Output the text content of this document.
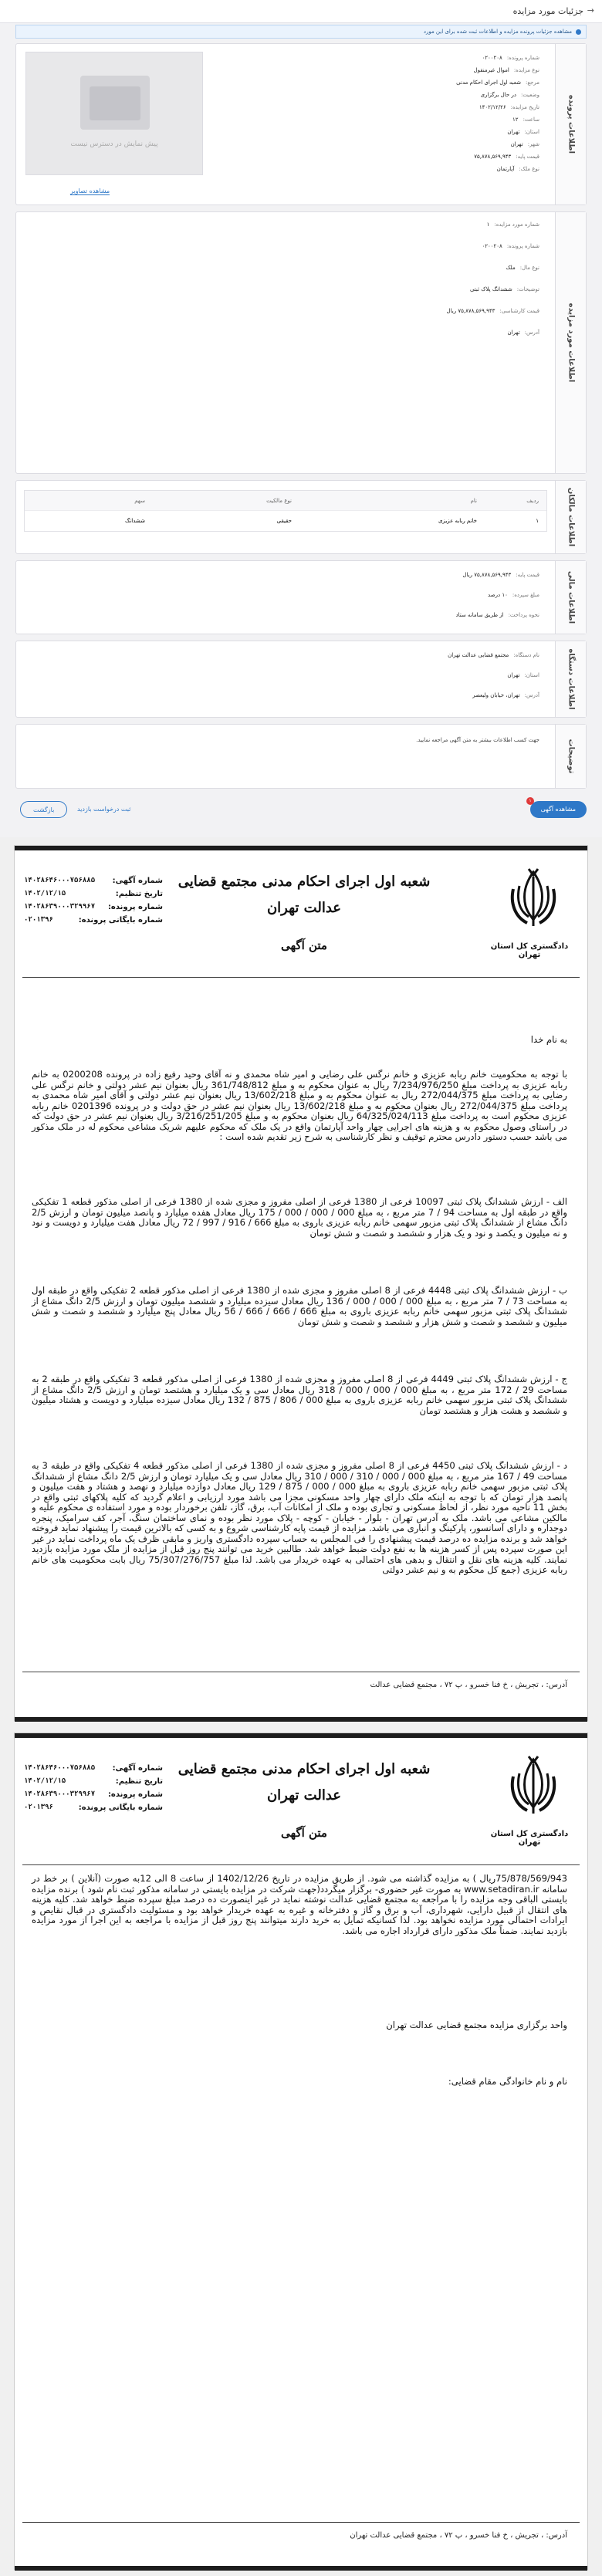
→
جزئیات مورد مزایده
مشاهده جزئیات پرونده مزایده و اطلاعات ثبت شده برای این مورد
اطلاعات پرونده
پیش نمایش در دسترس نیست
مشاهده تصاویر
شماره پرونده:۰۲۰۰۲۰۸
نوع مزایده:اموال غیرمنقول
مرجع:شعبه اول اجرای احکام مدنی
وضعیت:در حال برگزاری
تاریخ مزایده:۱۴۰۲/۱۲/۲۶
ساعت:۱۲
استان:تهران
شهر:تهران
قیمت پایه:۷۵,۸۷۸,۵۶۹,۹۴۳
نوع ملک:آپارتمان
اطلاعات مورد مزایده
شماره مورد مزایده:۱
شماره پرونده:۰۲۰۰۲۰۸
نوع مال:ملک
توضیحات:ششدانگ پلاک ثبتی
قیمت کارشناسی:۷۵,۸۷۸,۵۶۹,۹۴۳ ریال
آدرس:تهران
اطلاعات مالکان
ردیف
نام
نوع مالکیت
سهم
۱
خانم ربابه عزیزی
حقیقی
ششدانگ
اطلاعات مالی
قیمت پایه:۷۵,۸۷۸,۵۶۹,۹۴۳ ریال
مبلغ سپرده:۱۰ درصد
نحوه پرداخت:از طریق سامانه ستاد
اطلاعات دستگاه
نام دستگاه:مجتمع قضایی عدالت تهران
استان:تهران
آدرس:تهران، خیابان ولیعصر
توضیحات
جهت کسب اطلاعات بیشتر به متن آگهی مراجعه نمایید.
مشاهده آگهی
۱
ثبت درخواست بازدید
بازگشت
دادگستری کل استان تهران
شعبه اول اجرای احکام مدنی مجتمع قضایی
عدالت تهران
متن آگهی
شماره آگهی:
۱۴۰۲۸۶۴۶۰۰۰۷۵۶۸۸۵
تاریخ تنظیم:
۱۴۰۲/۱۲/۱۵
شماره پرونده:
۱۴۰۲۸۶۳۹۰۰۰۳۲۹۹۶۷
شماره بایگانی پرونده:
۰۲۰۱۳۹۶
به نام خدا
با توجه به محکومیت خانم ربابه عزیزی و خانم نرگس علی رضایی و امیر شاه محمدی و نه آقای وحید رفیع زاده در پرونده 0200208 به خانم ربابه عزیزی به پرداخت مبلغ 7/234/976/250 ریال به عنوان محکوم به و مبلغ 361/748/812 ریال بعنوان نیم عشر دولتی و خانم نرگس علی رضایی به پرداخت مبلغ 272/044/375 ریال به عنوان محکوم به و مبلغ 13/602/218 ریال بعنوان نیم عشر دولتی و آقای امیر شاه محمدی به پرداخت مبلغ 272/044/375 ریال بعنوان محکوم به و مبلغ 13/602/218 ریال بعنوان نیم عشر در حق دولت و در پرونده 0201396 خانم ربابه عزیزی محکوم است به پرداخت مبلغ 64/325/024/113 ریال بعنوان محکوم به و مبلغ 3/216/251/205 ریال بعنوان نیم عشر در حق دولت که در راستای وصول محکوم به و هزینه های اجرایی چهار واحد آپارتمان واقع در یک ملک که محکوم علیهم شریک مشاعی محکوم له در ملک مذکور می باشد حسب دستور دادرس محترم توقیف و نظر کارشناسی به شرح زیر تقدیم شده است :
الف - ارزش ششدانگ پلاک ثبتی 10097 فرعی از 1380 فرعی از اصلی مفروز و مجزی شده از 1380 فرعی از اصلی مذکور قطعه 1 تفکیکی واقع در طبقه اول به مساحت 94 / 7 متر مربع ، به مبلغ 000 / 000 / 000 / 175 ریال معادل هفده میلیارد و پانصد میلیون تومان و ارزش 2/5 دانگ مشاع از ششدانگ پلاک ثبتی مزبور سهمی خانم ربابه عزیزی باروی به مبلغ 666 / 916 / 997 / 72 ریال معادل هفت میلیارد و دویست و نود و نه میلیون و یکصد و نود و یک هزار و ششصد و شصت و شش تومان
ب - ارزش ششدانگ پلاک ثبتی 4448 فرعی از 8 اصلی مفروز و مجزی شده از 1380 فرعی از اصلی مذکور قطعه 2 تفکیکی واقع در طبقه اول به مساحت 73 / 7 متر مربع ، به مبلغ 000 / 000 / 000 / 136 ریال معادل سیزده میلیارد و ششصد میلیون تومان و ارزش 2/5 دانگ مشاع از ششدانگ پلاک ثبتی مزبور سهمی خانم ربابه عزیزی باروی به مبلغ 666 / 666 / 666 / 56 ریال معادل پنج میلیارد و ششصد و شصت و شش میلیون و ششصد و شصت و شش هزار و ششصد و شصت و شش تومان
ج - ارزش ششدانگ پلاک ثبتی 4449 فرعی از 8 اصلی مفروز و مجزی شده از 1380 فرعی از اصلی مذکور قطعه 3 تفکیکی واقع در طبقه 2 به مساحت 29 / 172 متر مربع ، به مبلغ 000 / 000 / 000 / 318 ریال معادل سی و یک میلیارد و هشتصد تومان و ارزش 2/5 دانگ مشاع از ششدانگ پلاک ثبتی مزبور سهمی خانم ربابه عزیزی باروی به مبلغ 000 / 806 / 875 / 132 ریال معادل سیزده میلیارد و دویست و هشتاد میلیون و ششصد و هشت هزار و هشتصد تومان
د - ارزش ششدانگ پلاک ثبتی 4450 فرعی از 8 اصلی مفروز و مجزی شده از 1380 فرعی از اصلی مذکور قطعه 4 تفکیکی واقع در طبقه 3 به مساحت 49 / 167 متر مربع ، به مبلغ 000 / 000 / 310 / 000 / 310 ریال معادل سی و یک میلیارد تومان و ارزش 2/5 دانگ مشاع از ششدانگ پلاک ثبتی مزبور سهمی خانم ربابه عزیزی باروی به مبلغ 000 / 000 / 875 / 129 ریال معادل دوازده میلیارد و نهصد و هشتاد و هفت میلیون و پانصد هزار تومان که با توجه به اینکه ملک دارای چهار واحد مسکونی مجزا می باشد مورد ارزیابی و اعلام گردید که کلیه پلاکهای ثبتی واقع در بخش 11 ناحیه مورد نظر، از لحاظ مسکونی و تجاری بوده و ملک از امکانات آب، برق، گاز، تلفن برخوردار بوده و مورد استفاده ی محکوم علیه و مالکین مشاعی می باشد. ملک به آدرس تهران - بلوار - خیابان - کوچه - پلاک مورد نظر بوده و نمای ساختمان سنگ، آجر، کف سرامیک، پنجره دوجداره و دارای آسانسور، پارکینگ و انباری می باشد. مزایده از قیمت پایه کارشناسی شروع و به کسی که بالاترین قیمت را پیشنهاد نماید فروخته خواهد شد و برنده مزایده ده درصد قیمت پیشنهادی را فی المجلس به حساب سپرده دادگستری واریز و مابقی ظرف یک ماه پرداخت نماید در غیر این صورت سپرده پس از کسر هزینه ها به نفع دولت ضبط خواهد شد. طالبین خرید می توانند پنج روز قبل از مزایده از ملک مورد مزایده بازدید نمایند. کلیه هزینه های نقل و انتقال و بدهی های احتمالی به عهده خریدار می باشد. لذا مبلغ 75/307/276/757 ریال بابت محکومیت های خانم ربابه عزیزی (جمع کل محکوم به و نیم عشر دولتی
آدرس: ، تجریش ، خ فنا خسرو ، پ ۷۲ ، مجتمع قضایی عدالت
دادگستری کل استان تهران
شعبه اول اجرای احکام مدنی مجتمع قضایی
عدالت تهران
متن آگهی
شماره آگهی:
۱۴۰۲۸۶۴۶۰۰۰۷۵۶۸۸۵
تاریخ تنظیم:
۱۴۰۲/۱۲/۱۵
شماره پرونده:
۱۴۰۲۸۶۳۹۰۰۰۳۲۹۹۶۷
شماره بایگانی پرونده:
۰۲۰۱۳۹۶
75/878/569/943ریال ) به مزایده گذاشته می شود. از طریق مزایده در تاریخ 1402/12/26 از ساعت 8 الی 12به صورت (آنلاین ) بر خط در سامانه www.setadiran.ir به صورت غیر حضوری- برگزار میگردد(جهت شرکت در مزایده بایستی در سامانه مذکور ثبت نام شود ) برنده مزایده بایستی الباقی وجه مزایده را با مراجعه به مجتمع قضایی عدالت نوشته نماید در غیر اینصورت ده درصد مبلغ سپرده ضبط خواهد شد. کلیه هزینه های انتقال از قبیل دارایی، شهرداری، آب و برق و گاز و دفترخانه و غیره به عهده خریدار خواهد بود و مسئولیت دادگستری در قبال نقایص و ایرادات احتمالی مورد مزایده نخواهد بود. لذا کسانیکه تمایل به خرید دارند میتوانند پنج روز قبل از مزایده با مراجعه به این اجرا از مورد مزایده بازدید نمایند. ضمناً ملک مذکور دارای قرارداد اجاره می باشد.
واحد برگزاری مزایده مجتمع قضایی عدالت تهران
نام و نام خانوادگی مقام قضایی:
آدرس: ، تجریش ، خ فنا خسرو ، پ ۷۲ ، مجتمع قضایی عدالت تهران
